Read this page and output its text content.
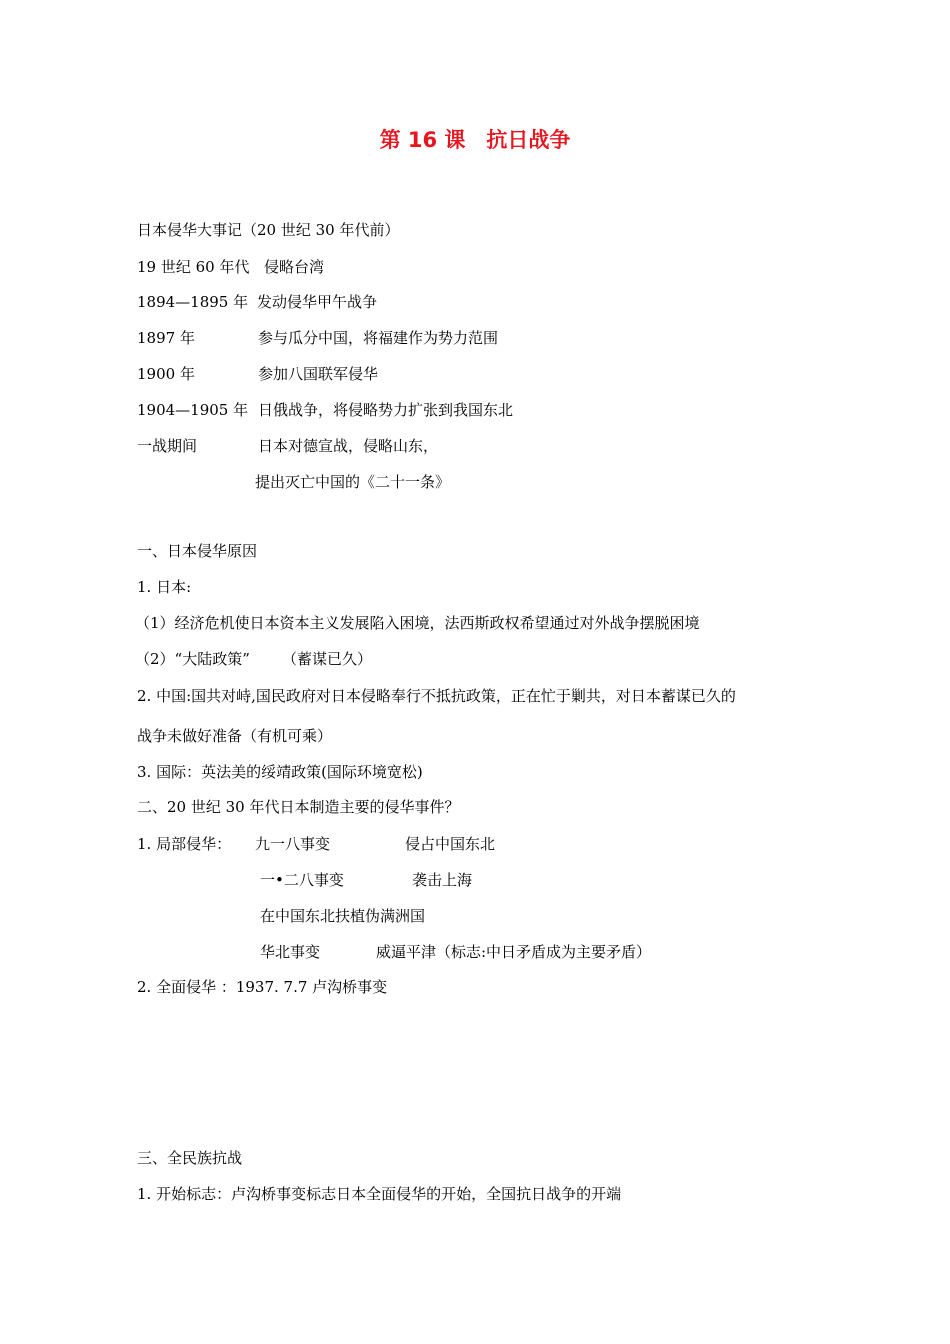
第 16 课　抗日战争
日本侵华大事记（20 世纪 30 年代前）
19 世纪 60 年代 侵略台湾
1894—1895 年 发动侵华甲午战争
1897 年	参与瓜分中国，将福建作为势力范围
1900 年	参加八国联军侵华
1904—1905 年 日俄战争，将侵略势力扩张到我国东北
一战期间	日本对德宣战，侵略山东，
提出灭亡中国的《二十一条》
一、日本侵华原因
1. 日本:
（1）经济危机使日本资本主义发展陷入困境，法西斯政权希望通过对外战争摆脱困境
（2）“大陆政策” （蓄谋已久）
2. 中国:国共对峙,国民政府对日本侵略奉行不抵抗政策，正在忙于剿共，对日本蓄谋已久的
战争未做好准备（有机可乘）
3. 国际：英法美的绥靖政策(国际环境宽松)
二、20 世纪 30 年代日本制造主要的侵华事件？
1. 局部侵华： 九一八事变	侵占中国东北
一•二八事变	袭击上海
在中国东北扶植伪满洲国
华北事变	威逼平津（标志:中日矛盾成为主要矛盾）
2. 全面侵华 ：1937. 7.7 卢沟桥事变
三、全民族抗战
1. 开始标志：卢沟桥事变标志日本全面侵华的开始，全国抗日战争的开端
